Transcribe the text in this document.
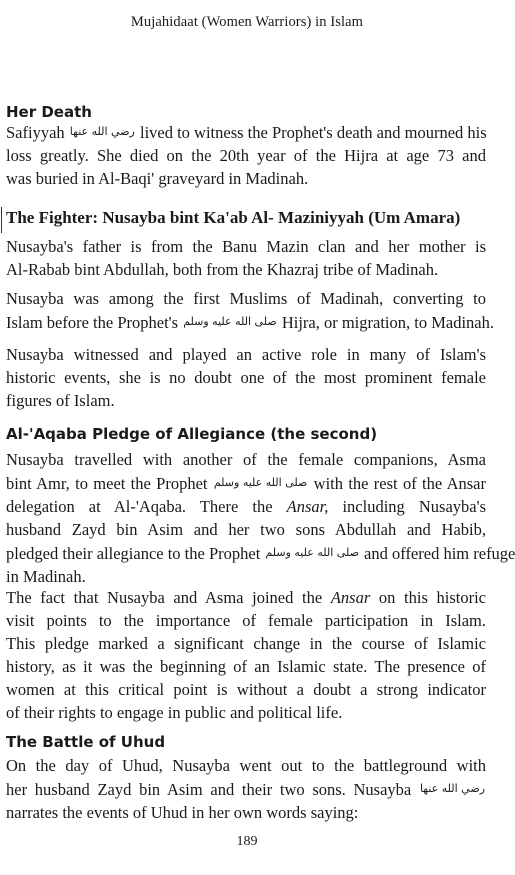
Mujahidaat (Women Warriors) in Islam
Her Death
Safiyyah رضي الله عنها lived to witness the Prophet's death and mourned his
loss greatly. She died on the 20th year of the Hijra at age 73 and
was buried in Al-Baqi' graveyard in Madinah.
The Fighter: Nusayba bint Ka'ab Al- Maziniyyah (Um Amara)
Nusayba's father is from the Banu Mazin clan and her mother is
Al-Rabab bint Abdullah, both from the Khazraj tribe of Madinah.
Nusayba was among the first Muslims of Madinah, converting to
Islam before the Prophet's صلى الله عليه وسلم Hijra, or migration, to Madinah.
Nusayba witnessed and played an active role in many of Islam's
historic events, she is no doubt one of the most prominent female
figures of Islam.
Al-'Aqaba Pledge of Allegiance (the second)
Nusayba travelled with another of the female companions, Asma
bint Amr, to meet the Prophet صلى الله عليه وسلم with the rest of the Ansar
delegation at Al-'Aqaba. There the Ansar, including Nusayba's
husband Zayd bin Asim and her two sons Abdullah and Habib,
pledged their allegiance to the Prophet صلى الله عليه وسلم and offered him refuge
in Madinah.
The fact that Nusayba and Asma joined the Ansar on this historic
visit points to the importance of female participation in Islam.
This pledge marked a significant change in the course of Islamic
history, as it was the beginning of an Islamic state. The presence of
women at this critical point is without a doubt a strong indicator
of their rights to engage in public and political life.
The Battle of Uhud
On the day of Uhud, Nusayba went out to the battleground with
her husband Zayd bin Asim and their two sons. Nusayba رضي الله عنها
narrates the events of Uhud in her own words saying:
189
